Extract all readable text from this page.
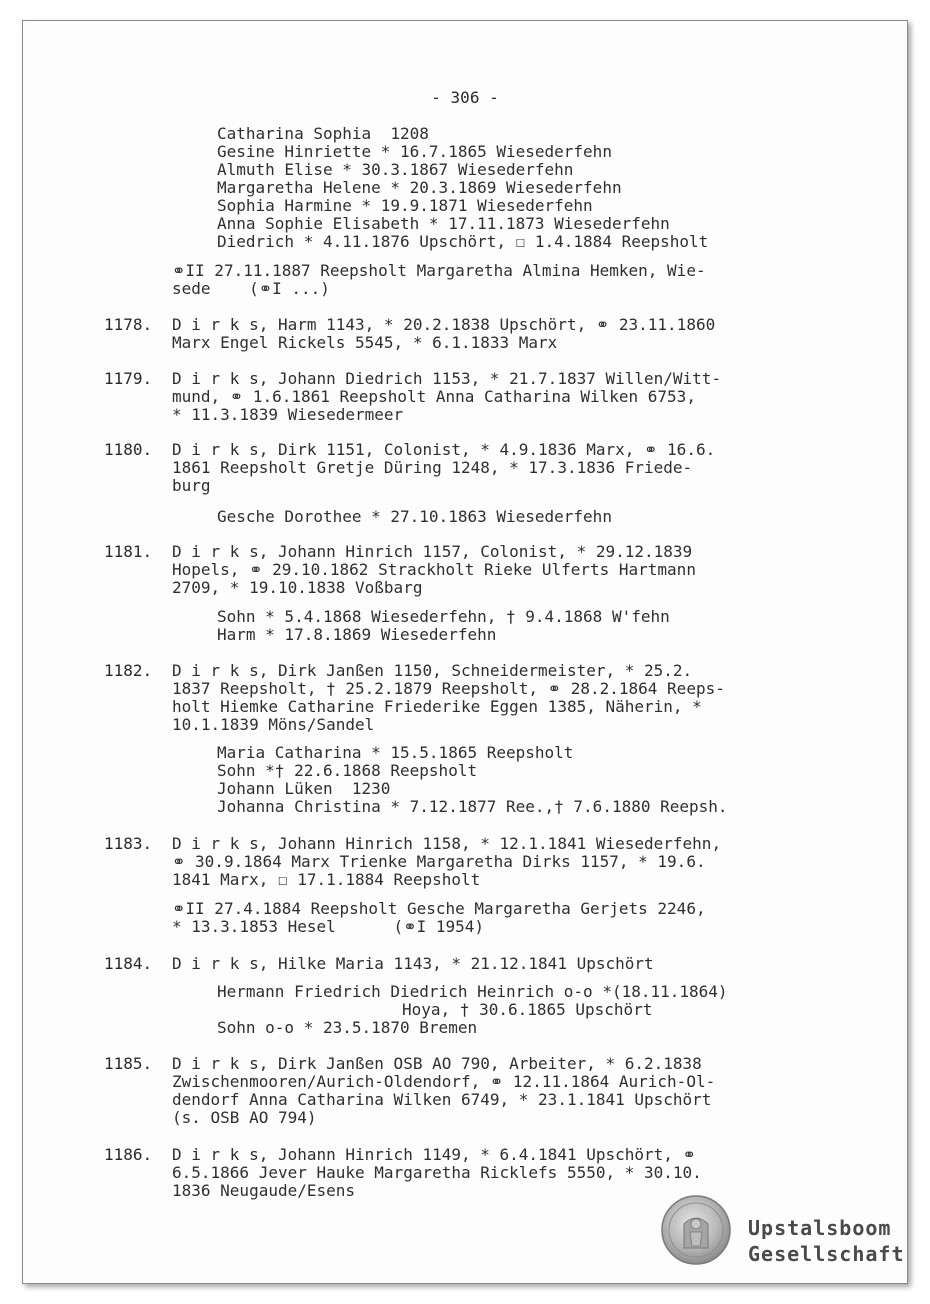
- 306 -
Catharina Sophia  1208
Gesine Hinriette * 16.7.1865 Wiesederfehn
Almuth Elise * 30.3.1867 Wiesederfehn
Margaretha Helene * 20.3.1869 Wiesederfehn
Sophia Harmine * 19.9.1871 Wiesederfehn
Anna Sophie Elisabeth * 17.11.1873 Wiesederfehn
Diedrich * 4.11.1876 Upschört, ☐ 1.4.1884 Reepsholt
⚭II 27.11.1887 Reepsholt Margaretha Almina Hemken, Wie-
sede    (⚭I ...)
1178. D i r k s, Harm 1143, * 20.2.1838 Upschört, ⚭ 23.11.1860
Marx Engel Rickels 5545, * 6.1.1833 Marx
1179. D i r k s, Johann Diedrich 1153, * 21.7.1837 Willen/Witt-
mund, ⚭ 1.6.1861 Reepsholt Anna Catharina Wilken 6753,
* 11.3.1839 Wiesedermeer
1180. D i r k s, Dirk 1151, Colonist, * 4.9.1836 Marx, ⚭ 16.6.
1861 Reepsholt Gretje Düring 1248, * 17.3.1836 Friede-
burg
Gesche Dorothee * 27.10.1863 Wiesederfehn
1181. D i r k s, Johann Hinrich 1157, Colonist, * 29.12.1839
Hopels, ⚭ 29.10.1862 Strackholt Rieke Ulferts Hartmann
2709, * 19.10.1838 Voßbarg
Sohn * 5.4.1868 Wiesederfehn, † 9.4.1868 W'fehn
Harm * 17.8.1869 Wiesederfehn
1182. D i r k s, Dirk Janßen 1150, Schneidermeister, * 25.2.
1837 Reepsholt, † 25.2.1879 Reepsholt, ⚭ 28.2.1864 Reeps-
holt Hiemke Catharine Friederike Eggen 1385, Näherin, *
10.1.1839 Möns/Sandel
Maria Catharina * 15.5.1865 Reepsholt
Sohn *† 22.6.1868 Reepsholt
Johann Lüken  1230
Johanna Christina * 7.12.1877 Ree.,† 7.6.1880 Reepsh.
1183. D i r k s, Johann Hinrich 1158, * 12.1.1841 Wiesederfehn,
⚭ 30.9.1864 Marx Trienke Margaretha Dirks 1157, * 19.6.
1841 Marx, ☐ 17.1.1884 Reepsholt
⚭II 27.4.1884 Reepsholt Gesche Margaretha Gerjets 2246,
* 13.3.1853 Hesel      (⚭I 1954)
1184. D i r k s, Hilke Maria 1143, * 21.12.1841 Upschört
Hermann Friedrich Diedrich Heinrich o-o *(18.11.1864)
Hoya, † 30.6.1865 Upschört
Sohn o-o * 23.5.1870 Bremen
1185. D i r k s, Dirk Janßen OSB AO 790, Arbeiter, * 6.2.1838
Zwischenmooren/Aurich-Oldendorf, ⚭ 12.11.1864 Aurich-Ol-
dendorf Anna Catharina Wilken 6749, * 23.1.1841 Upschört
(s. OSB AO 794)
1186. D i r k s, Johann Hinrich 1149, * 6.4.1841 Upschört, ⚭
6.5.1866 Jever Hauke Margaretha Ricklefs 5550, * 30.10.
1836 Neugaude/Esens
Upstalsboom
Gesellschaft
